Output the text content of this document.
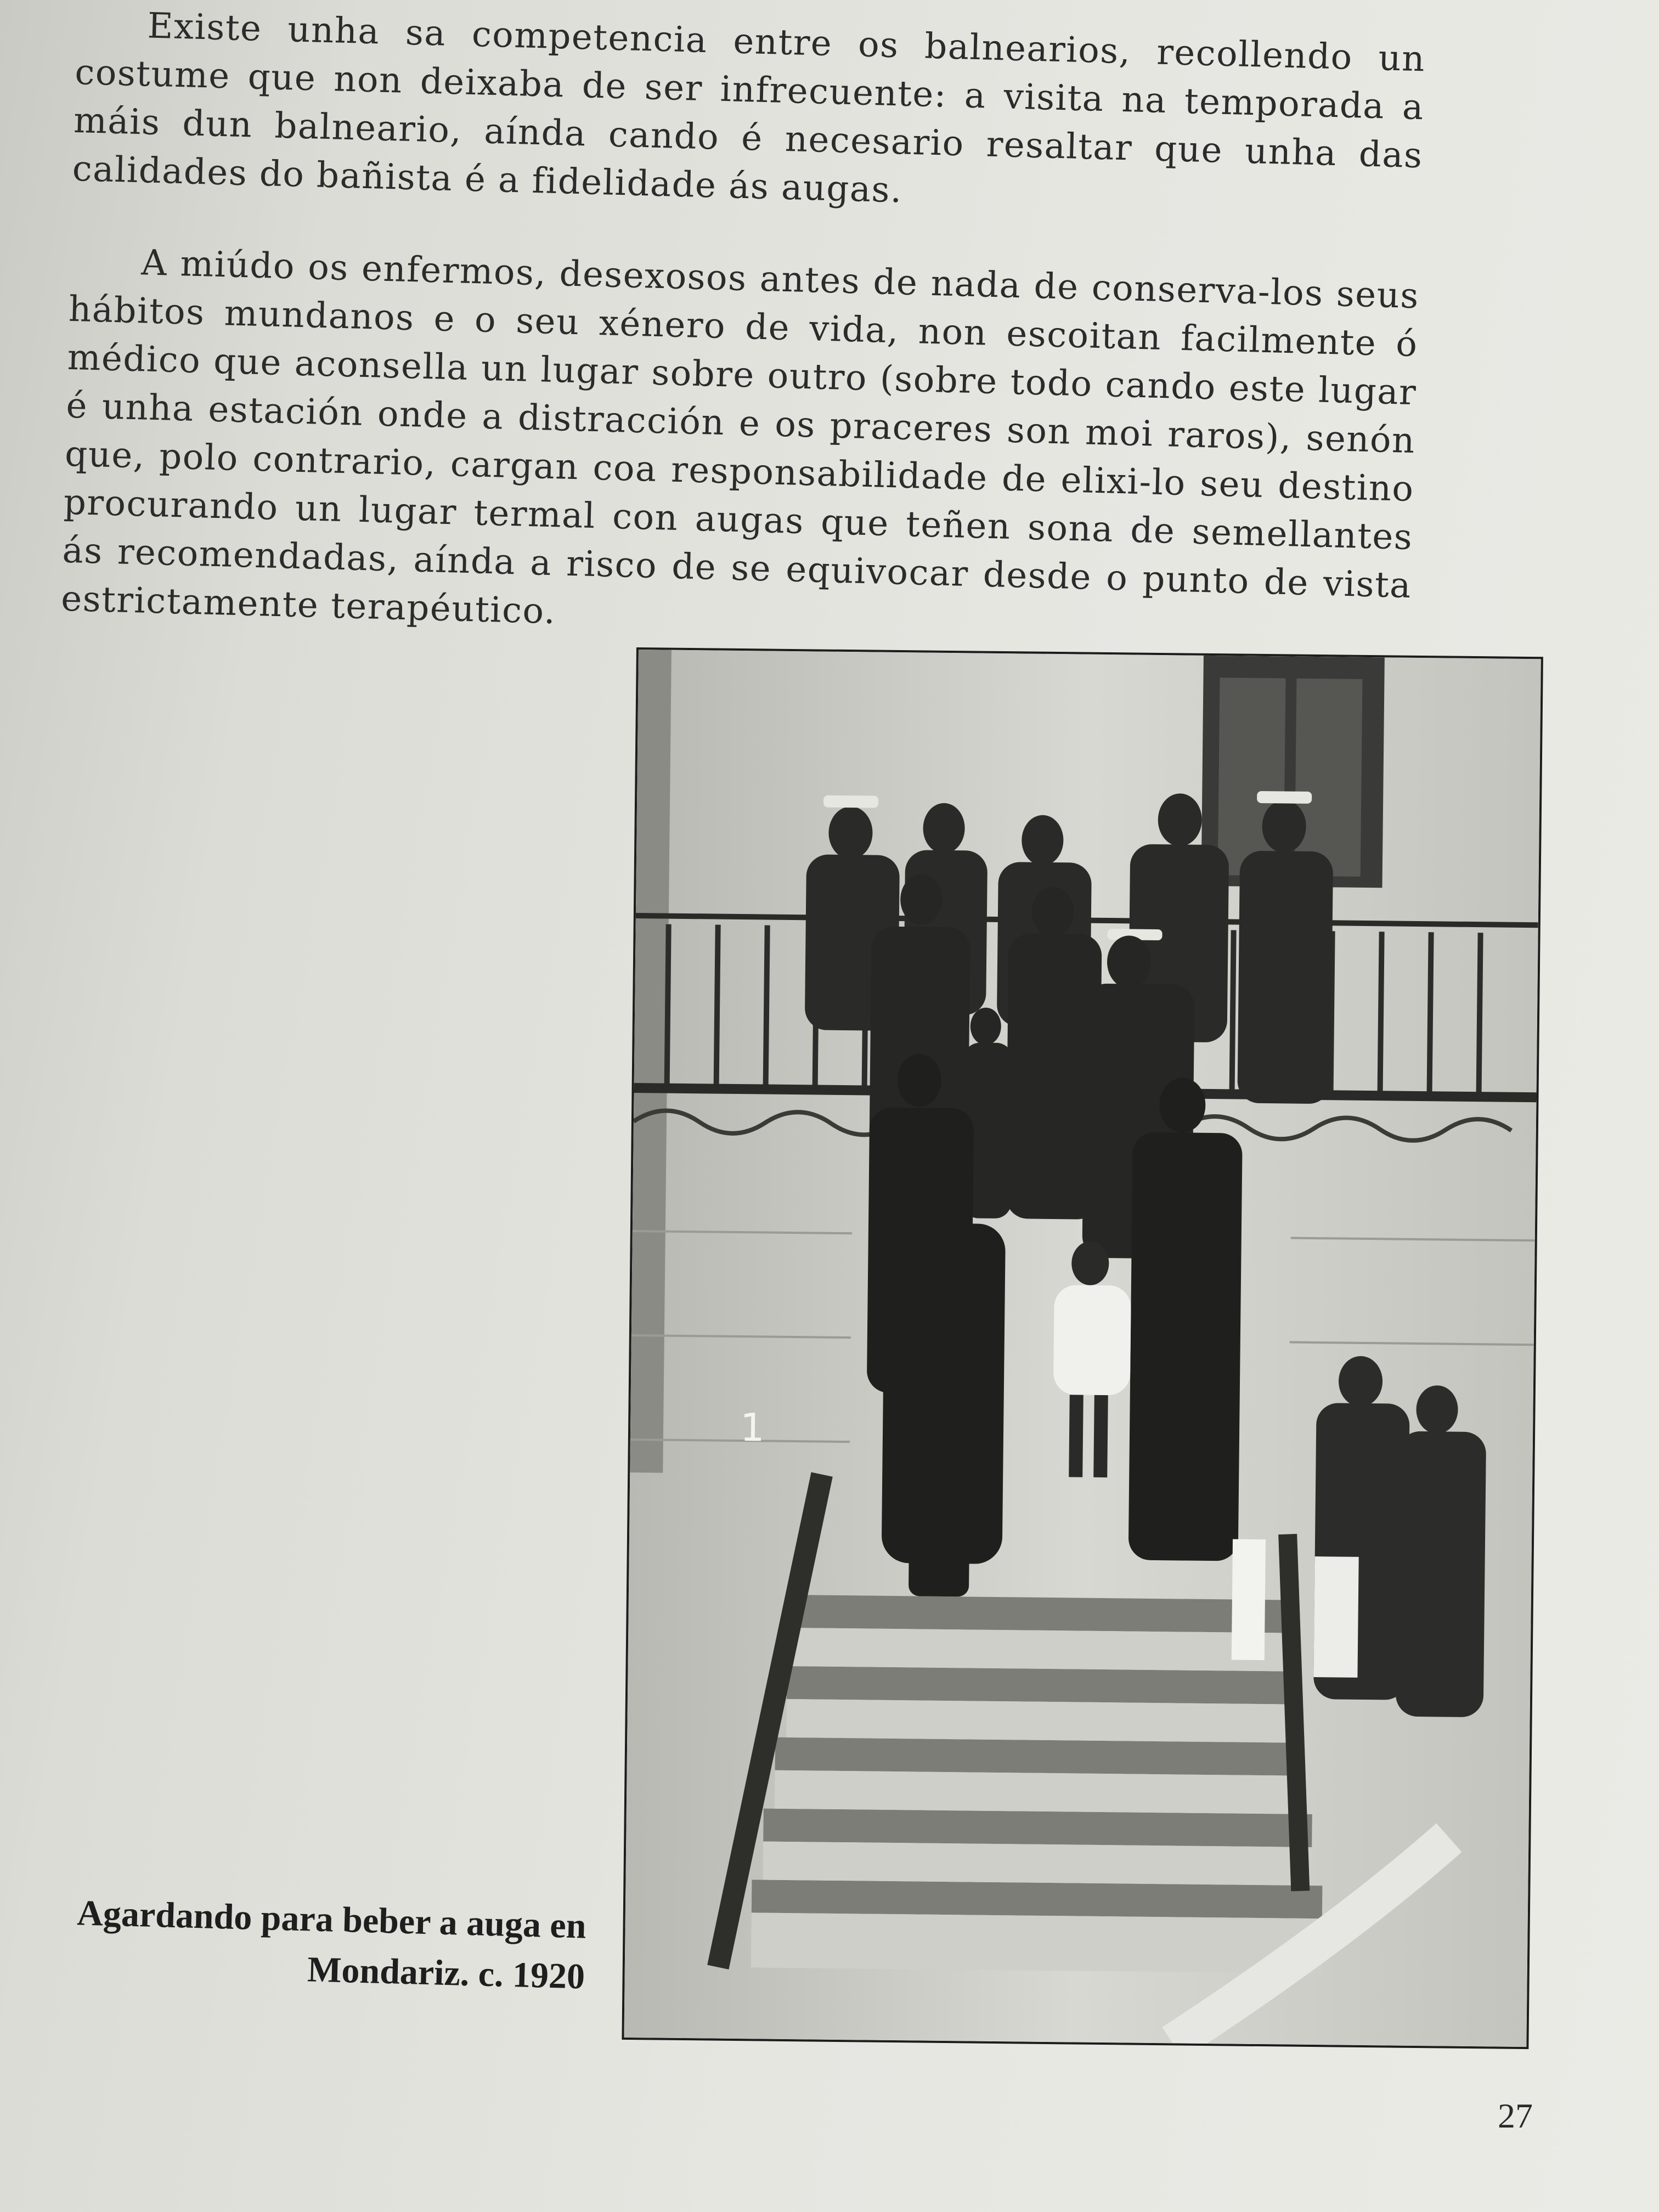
Existe unha sa competencia entre os balnearios, recollendo un costume que non deixaba de ser infrecuente: a visita na temporada a máis dun balneario, aínda cando é necesario resaltar que unha das calidades do bañista é a fidelidade ás augas.

A miúdo os enfermos, desexosos antes de nada de conserva-los seus hábitos mundanos e o seu xénero de vida, non escoitan facilmente ó médico que aconsella un lugar sobre outro (sobre todo cando este lugar é unha estación onde a distracción e os praceres son moi raros), senón que, polo contrario, cargan coa responsabilidade de elixi-lo seu destino procurando un lugar termal con augas que teñen sona de semellantes ás recomendadas, aínda a risco de se equivocar desde o punto de vista estrictamente terapéutico.

1
Agardando para beber a auga en
Mondariz. c. 1920
27
